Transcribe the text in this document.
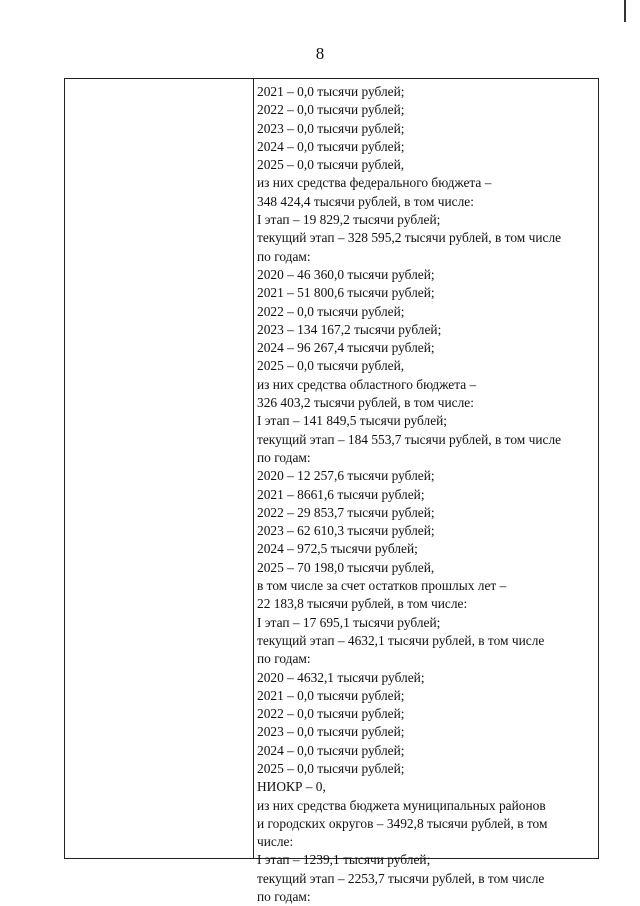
8
2021 – 0,0 тысячи рублей;
2022 – 0,0 тысячи рублей;
2023 – 0,0 тысячи рублей;
2024 – 0,0 тысячи рублей;
2025 – 0,0 тысячи рублей,
из них средства федерального бюджета –
348 424,4 тысячи рублей, в том числе:
I этап – 19 829,2 тысячи рублей;
текущий этап – 328 595,2 тысячи рублей, в том числе
по годам:
2020 – 46 360,0 тысячи рублей;
2021 – 51 800,6 тысячи рублей;
2022 – 0,0 тысячи рублей;
2023 – 134 167,2 тысячи рублей;
2024 – 96 267,4 тысячи рублей;
2025 – 0,0 тысячи рублей,
из них средства областного бюджета –
326 403,2 тысячи рублей, в том числе:
I этап – 141 849,5 тысячи рублей;
текущий этап – 184 553,7 тысячи рублей, в том числе
по годам:
2020 – 12 257,6 тысячи рублей;
2021 – 8661,6 тысячи рублей;
2022 – 29 853,7 тысячи рублей;
2023 – 62 610,3 тысячи рублей;
2024 – 972,5 тысячи рублей;
2025 – 70 198,0 тысячи рублей,
в том числе за счет остатков прошлых лет –
22 183,8 тысячи рублей, в том числе:
I этап – 17 695,1 тысячи рублей;
текущий этап – 4632,1 тысячи рублей, в том числе
по годам:
2020 – 4632,1 тысячи рублей;
2021 – 0,0 тысячи рублей;
2022 – 0,0 тысячи рублей;
2023 – 0,0 тысячи рублей;
2024 – 0,0 тысячи рублей;
2025 – 0,0 тысячи рублей;
НИОКР – 0,
из них средства бюджета муниципальных районов
и городских округов – 3492,8 тысячи рублей, в том
числе:
I этап – 1239,1 тысячи рублей;
текущий этап – 2253,7 тысячи рублей, в том числе
по годам:
